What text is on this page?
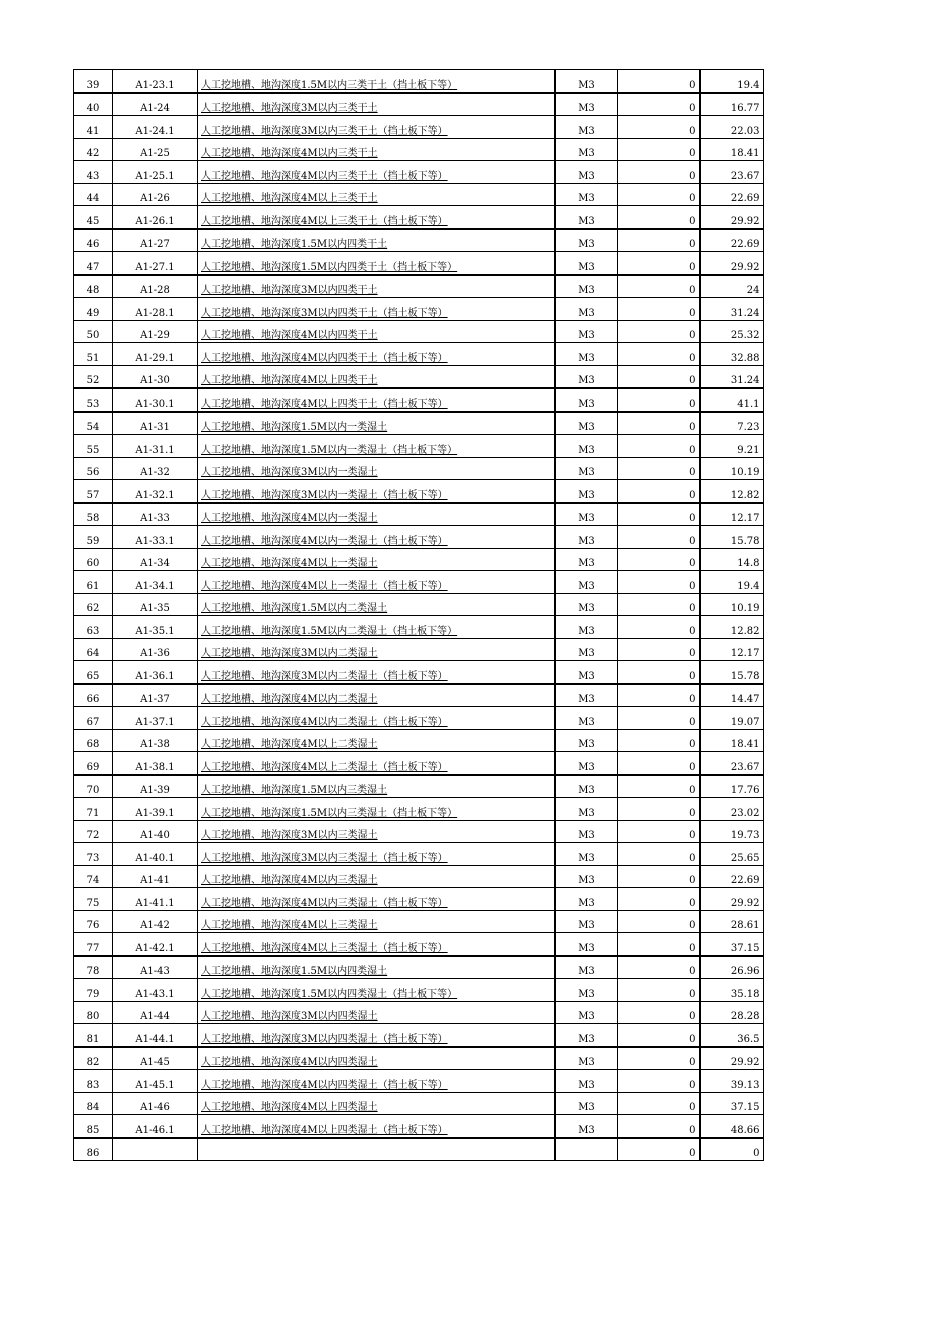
39	A1-23.1	人工挖地槽、地沟深度1.5M以内三类干土（挡土板下等）	M3	0	19.4
40	A1-24	人工挖地槽、地沟深度3M以内三类干土	M3	0	16.77
41	A1-24.1	人工挖地槽、地沟深度3M以内三类干土（挡土板下等）	M3	0	22.03
42	A1-25	人工挖地槽、地沟深度4M以内三类干土	M3	0	18.41
43	A1-25.1	人工挖地槽、地沟深度4M以内三类干土（挡土板下等）	M3	0	23.67
44	A1-26	人工挖地槽、地沟深度4M以上三类干土	M3	0	22.69
45	A1-26.1	人工挖地槽、地沟深度4M以上三类干土（挡土板下等）	M3	0	29.92
46	A1-27	人工挖地槽、地沟深度1.5M以内四类干土	M3	0	22.69
47	A1-27.1	人工挖地槽、地沟深度1.5M以内四类干土（挡土板下等）	M3	0	29.92
48	A1-28	人工挖地槽、地沟深度3M以内四类干土	M3	0	24
49	A1-28.1	人工挖地槽、地沟深度3M以内四类干土（挡土板下等）	M3	0	31.24
50	A1-29	人工挖地槽、地沟深度4M以内四类干土	M3	0	25.32
51	A1-29.1	人工挖地槽、地沟深度4M以内四类干土（挡土板下等）	M3	0	32.88
52	A1-30	人工挖地槽、地沟深度4M以上四类干土	M3	0	31.24
53	A1-30.1	人工挖地槽、地沟深度4M以上四类干土（挡土板下等）	M3	0	41.1
54	A1-31	人工挖地槽、地沟深度1.5M以内一类湿土	M3	0	7.23
55	A1-31.1	人工挖地槽、地沟深度1.5M以内一类湿土（挡土板下等）	M3	0	9.21
56	A1-32	人工挖地槽、地沟深度3M以内一类湿土	M3	0	10.19
57	A1-32.1	人工挖地槽、地沟深度3M以内一类湿土（挡土板下等）	M3	0	12.82
58	A1-33	人工挖地槽、地沟深度4M以内一类湿土	M3	0	12.17
59	A1-33.1	人工挖地槽、地沟深度4M以内一类湿土（挡土板下等）	M3	0	15.78
60	A1-34	人工挖地槽、地沟深度4M以上一类湿土	M3	0	14.8
61	A1-34.1	人工挖地槽、地沟深度4M以上一类湿土（挡土板下等）	M3	0	19.4
62	A1-35	人工挖地槽、地沟深度1.5M以内二类湿土	M3	0	10.19
63	A1-35.1	人工挖地槽、地沟深度1.5M以内二类湿土（挡土板下等）	M3	0	12.82
64	A1-36	人工挖地槽、地沟深度3M以内二类湿土	M3	0	12.17
65	A1-36.1	人工挖地槽、地沟深度3M以内二类湿土（挡土板下等）	M3	0	15.78
66	A1-37	人工挖地槽、地沟深度4M以内二类湿土	M3	0	14.47
67	A1-37.1	人工挖地槽、地沟深度4M以内二类湿土（挡土板下等）	M3	0	19.07
68	A1-38	人工挖地槽、地沟深度4M以上二类湿土	M3	0	18.41
69	A1-38.1	人工挖地槽、地沟深度4M以上二类湿土（挡土板下等）	M3	0	23.67
70	A1-39	人工挖地槽、地沟深度1.5M以内三类湿土	M3	0	17.76
71	A1-39.1	人工挖地槽、地沟深度1.5M以内三类湿土（挡土板下等）	M3	0	23.02
72	A1-40	人工挖地槽、地沟深度3M以内三类湿土	M3	0	19.73
73	A1-40.1	人工挖地槽、地沟深度3M以内三类湿土（挡土板下等）	M3	0	25.65
74	A1-41	人工挖地槽、地沟深度4M以内三类湿土	M3	0	22.69
75	A1-41.1	人工挖地槽、地沟深度4M以内三类湿土（挡土板下等）	M3	0	29.92
76	A1-42	人工挖地槽、地沟深度4M以上三类湿土	M3	0	28.61
77	A1-42.1	人工挖地槽、地沟深度4M以上三类湿土（挡土板下等）	M3	0	37.15
78	A1-43	人工挖地槽、地沟深度1.5M以内四类湿土	M3	0	26.96
79	A1-43.1	人工挖地槽、地沟深度1.5M以内四类湿土（挡土板下等）	M3	0	35.18
80	A1-44	人工挖地槽、地沟深度3M以内四类湿土	M3	0	28.28
81	A1-44.1	人工挖地槽、地沟深度3M以内四类湿土（挡土板下等）	M3	0	36.5
82	A1-45	人工挖地槽、地沟深度4M以内四类湿土	M3	0	29.92
83	A1-45.1	人工挖地槽、地沟深度4M以内四类湿土（挡土板下等）	M3	0	39.13
84	A1-46	人工挖地槽、地沟深度4M以上四类湿土	M3	0	37.15
85	A1-46.1	人工挖地槽、地沟深度4M以上四类湿土（挡土板下等）	M3	0	48.66
86				0	0
